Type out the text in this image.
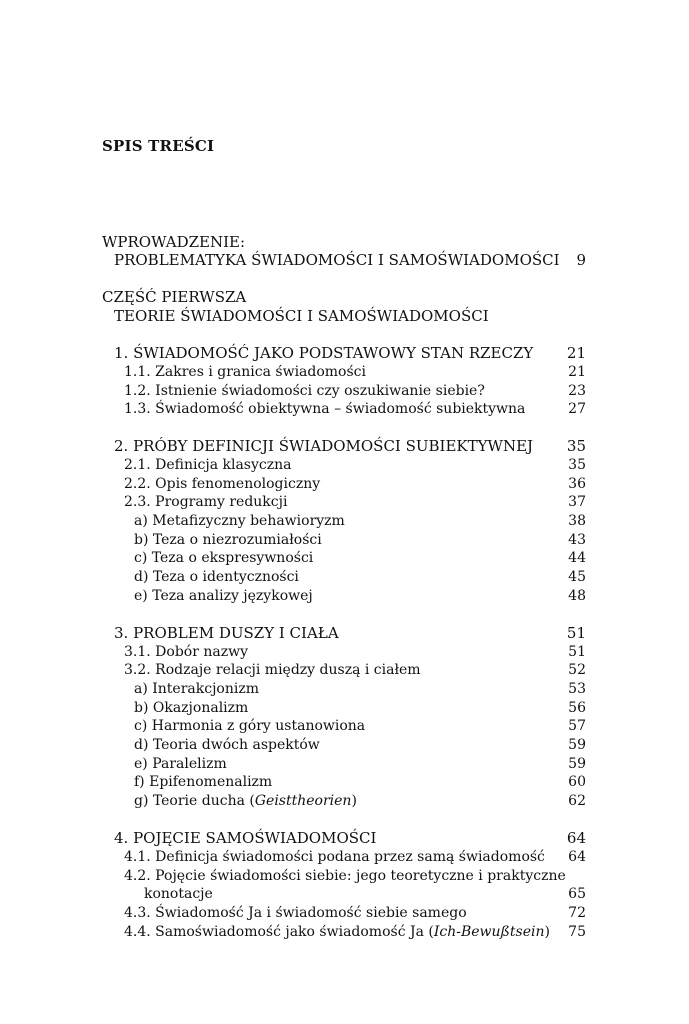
SPIS TREŚCI
WPROWADZENIE:
PROBLEMATYKA ŚWIADOMOŚCI I SAMOŚWIADOMOŚCI 9
CZĘŚĆ PIERWSZA
TEORIE ŚWIADOMOŚCI I SAMOŚWIADOMOŚCI
1. ŚWIADOMOŚĆ JAKO PODSTAWOWY STAN RZECZY 21
1.1. Zakres i granica świadomości	21
1.2. Istnienie świadomości czy oszukiwanie siebie?	23
1.3. Świadomość obiektywna – świadomość subiektywna	27
2. PRÓBY DEFINICJI ŚWIADOMOŚCI SUBIEKTYWNEJ 35
2.1. Definicja klasyczna	35
2.2. Opis fenomenologiczny	36
2.3. Programy redukcji	37
a) Metafizyczny behawioryzm	38
b) Teza o niezrozumiałości	43
c) Teza o ekspresywności	44
d) Teza o identyczności	45
e) Teza analizy językowej	48
3. PROBLEM DUSZY I CIAŁA	51
3.1. Dobór nazwy	51
3.2. Rodzaje relacji między duszą i ciałem	52
a) Interakcjonizm	53
b) Okazjonalizm	56
c) Harmonia z góry ustanowiona	57
d) Teoria dwóch aspektów	59
e) Paralelizm	59
f) Epifenomenalizm	60
g) Teorie ducha (Geisttheorien)	62
4. POJĘCIE SAMOŚWIADOMOŚCI	64
4.1. Definicja świadomości podana przez samą świadomość 64
4.2. Pojęcie świadomości siebie: jego teoretyczne i praktyczne
konotacje	65
4.3. Świadomość Ja i świadomość siebie samego	72
4.4. Samoświadomość jako świadomość Ja (Ich-Bewußtsein) 75
